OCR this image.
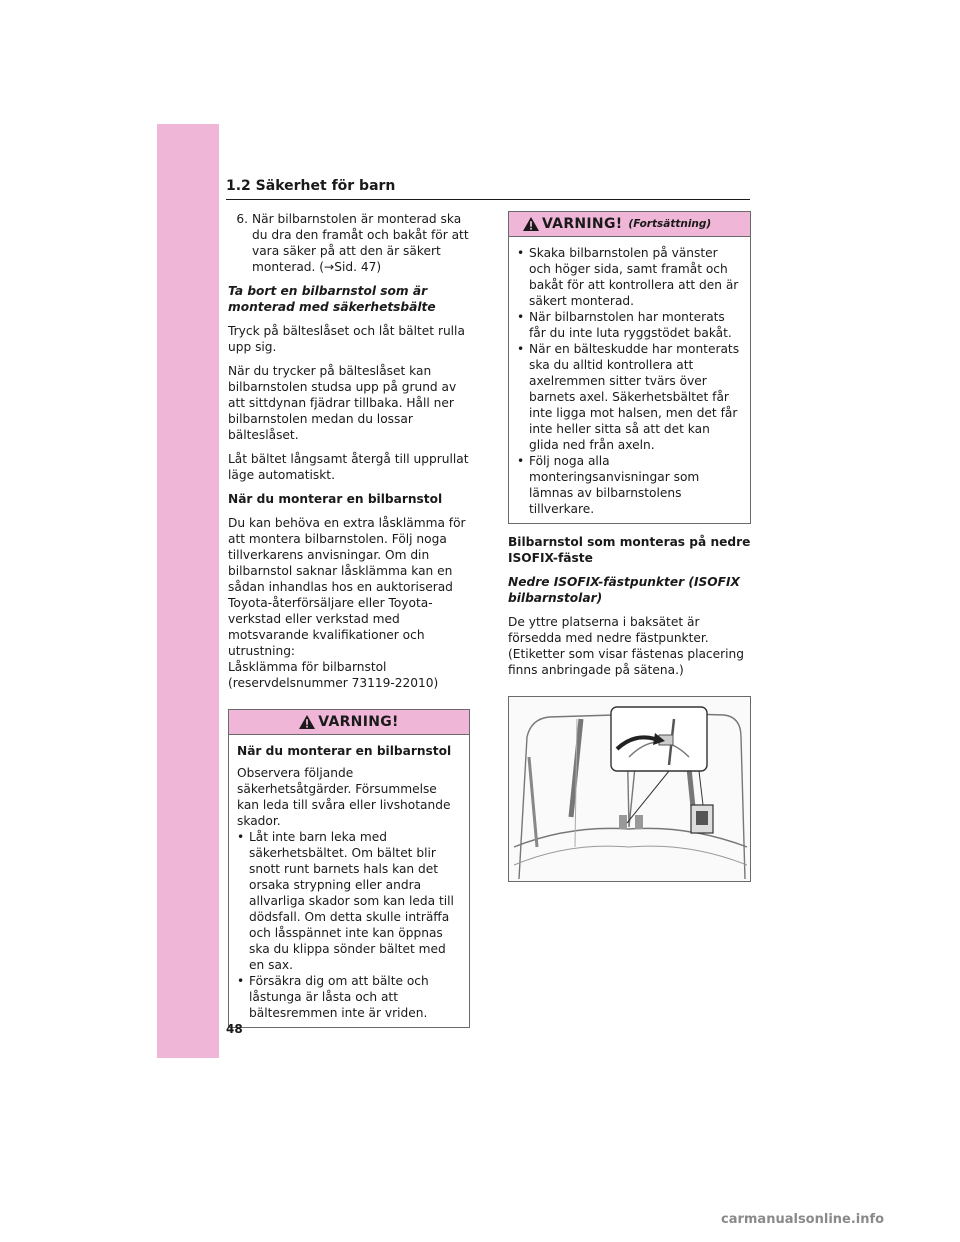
1.2 Säkerhet för barn
6. När bilbarnstolen är monterad ska du dra den framåt och bakåt för att vara säker på att den är säkert monterad. (→Sid. 47)
Ta bort en bilbarnstol som är monterad med säkerhetsbälte

Tryck på bälteslåset och låt bältet rulla upp sig.

När du trycker på bälteslåset kan bilbarnstolen studsa upp på grund av att sittdynan fjädrar tillbaka. Håll ner bilbarnstolen medan du lossar bälteslåset.

Låt bältet långsamt återgå till upprullat läge automatiskt.

När du monterar en bilbarnstol

Du kan behöva en extra låsklämma för att montera bilbarnstolen. Följ noga tillverkarens anvisningar. Om din bilbarnstol saknar låsklämma kan en sådan inhandlas hos en auktoriserad Toyota-återförsäljare eller Toyota-verkstad eller verkstad med motsvarande kvalifikationer och utrustning:

Låsklämma för bilbarnstol

(reservdelsnummer 73119-22010)

VARNING!

När du monterar en bilbarnstol

Observera följande säkerhetsåtgärder. Försummelse kan leda till svåra eller livshotande skador.

• Låt inte barn leka med säkerhetsbältet. Om bältet blir snott runt barnets hals kan det orsaka strypning eller andra allvarliga skador som kan leda till dödsfall. Om detta skulle inträffa och låsspännet inte kan öppnas ska du klippa sönder bältet med en sax.
• Försäkra dig om att bälte och låstunga är låsta och att bältesremmen inte är vriden.
VARNING! (Fortsättning)
• Skaka bilbarnstolen på vänster och höger sida, samt framåt och bakåt för att kontrollera att den är säkert monterad.
• När bilbarnstolen har monterats får du inte luta ryggstödet bakåt.
• När en bälteskudde har monterats ska du alltid kontrollera att axelremmen sitter tvärs över barnets axel. Säkerhetsbältet får inte ligga mot halsen, men det får inte heller sitta så att det kan glida ned från axeln.
• Följ noga alla monteringsanvisningar som lämnas av bilbarnstolens tillverkare.
Bilbarnstol som monteras på nedre ISOFIX-fäste
Nedre ISOFIX-fästpunkter (ISOFIX bilbarnstolar)

De yttre platserna i baksätet är försedda med nedre fästpunkter. (Etiketter som visar fästenas placering finns anbringade på sätena.)

48
carmanualsonline.info
